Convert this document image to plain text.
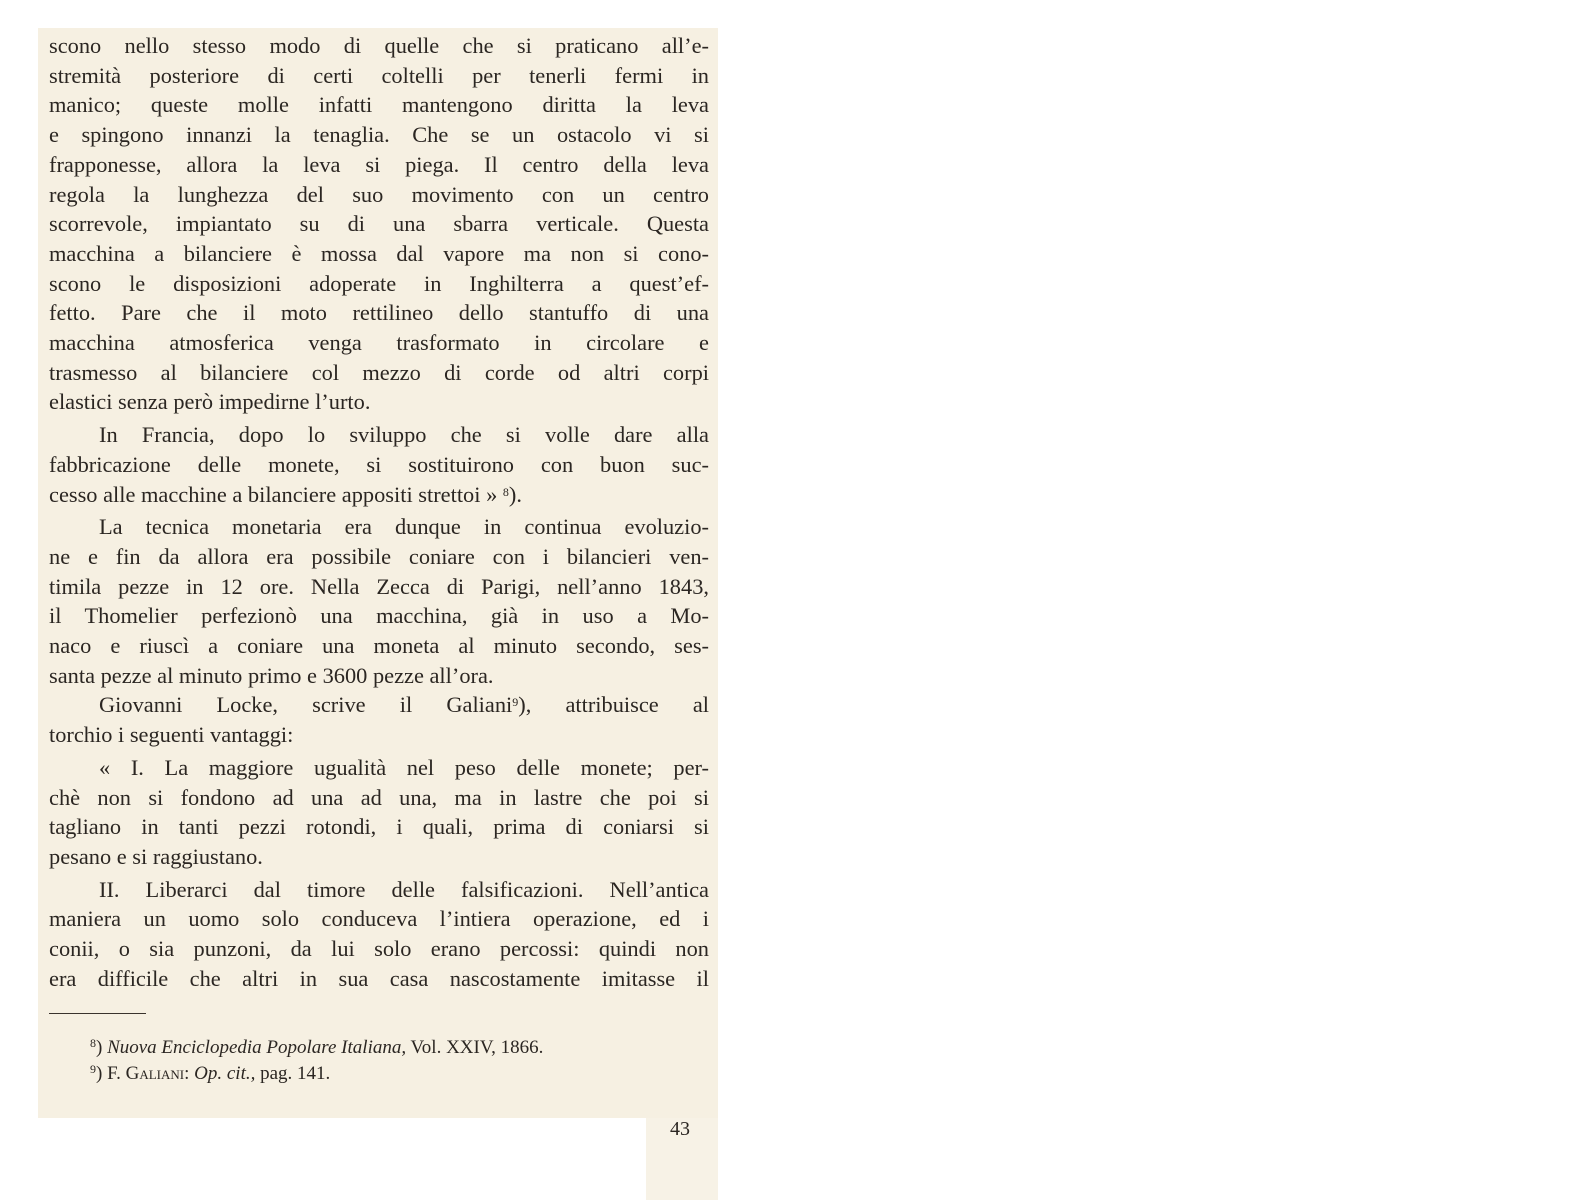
scono nello stesso modo di quelle che si praticano all’e-
stremità posteriore di certi coltelli per tenerli fermi in
manico; queste molle infatti mantengono diritta la leva
e spingono innanzi la tenaglia. Che se un ostacolo vi si
frapponesse, allora la leva si piega. Il centro della leva
regola la lunghezza del suo movimento con un centro
scorrevole, impiantato su di una sbarra verticale. Questa
macchina a bilanciere è mossa dal vapore ma non si cono-
scono le disposizioni adoperate in Inghilterra a quest’ef-
fetto. Pare che il moto rettilineo dello stantuffo di una
macchina atmosferica venga trasformato in circolare e
trasmesso al bilanciere col mezzo di corde od altri corpi
elastici senza però impedirne l’urto.

In Francia, dopo lo sviluppo che si volle dare alla
fabbricazione delle monete, si sostituirono con buon suc-
cesso alle macchine a bilanciere appositi strettoi » $^8$).

La tecnica monetaria era dunque in continua evoluzio-
ne e fin da allora era possibile coniare con i bilancieri ven-
timila pezze in 12 ore. Nella Zecca di Parigi, nell’anno 1843,
il Thomelier perfezionò una macchina, già in uso a Mo-
naco e riuscì a coniare una moneta al minuto secondo, ses-
santa pezze al minuto primo e 3600 pezze all’ora.

Giovanni Locke, scrive il Galiani$^9$), attribuisce al
torchio i seguenti vantaggi:

« I. La maggiore ugualità nel peso delle monete; per-
chè non si fondono ad una ad una, ma in lastre che poi si
tagliano in tanti pezzi rotondi, i quali, prima di coniarsi si
pesano e si raggiustano.

II. Liberarci dal timore delle falsificazioni. Nell’antica
maniera un uomo solo conduceva l’intiera operazione, ed i
conii, o sia punzoni, da lui solo erano percossi: quindi non
era difficile che altri in sua casa nascostamente imitasse il

$^8$) Nuova Enciclopedia Popolare Italiana, Vol. XXIV, 1866.
$^9$) F. Galiani: Op. cit., pag. 141.
43
